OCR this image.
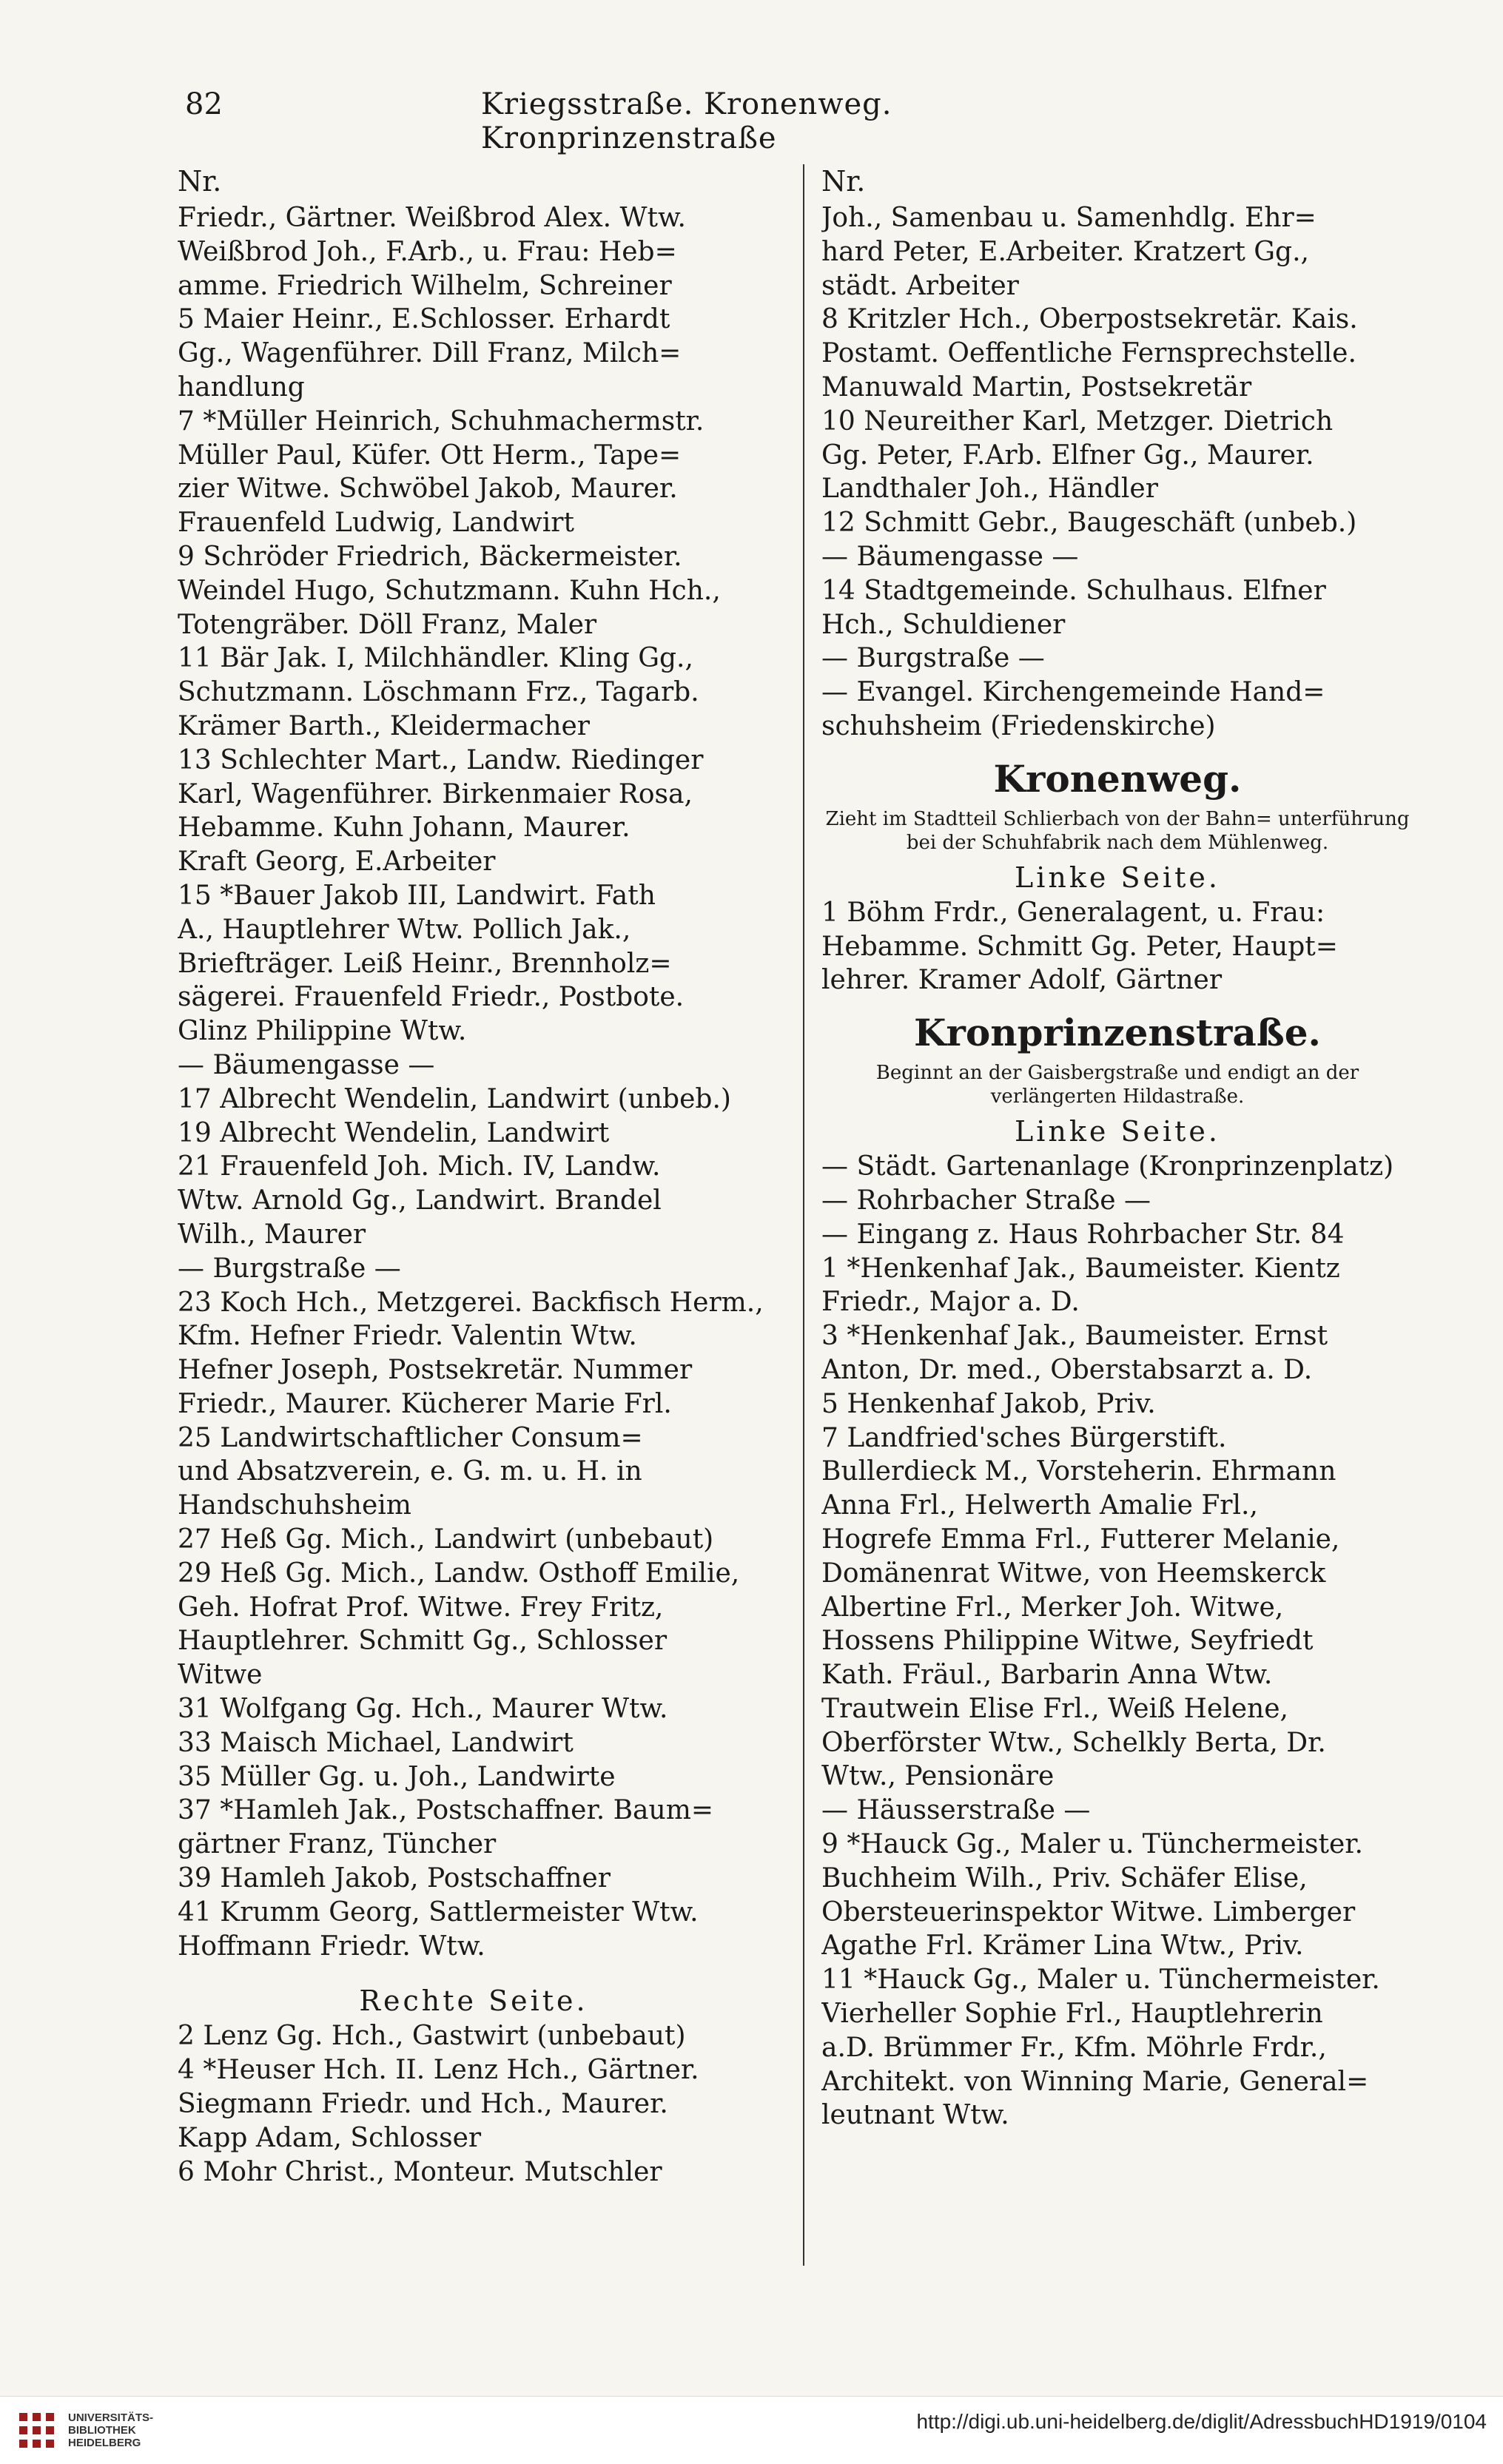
82	Kriegsstraße. Kronenweg. Kronprinzenstraße
Nr.
Friedr., Gärtner. Weißbrod Alex. Wtw.
Weißbrod Joh., F.Arb., u. Frau: Heb=
amme. Friedrich Wilhelm, Schreiner
5 Maier Heinr., E.Schlosser. Erhardt
Gg., Wagenführer. Dill Franz, Milch=
handlung
7 *Müller Heinrich, Schuhmachermstr.
Müller Paul, Küfer. Ott Herm., Tape=
zier Witwe. Schwöbel Jakob, Maurer.
Frauenfeld Ludwig, Landwirt
9 Schröder Friedrich, Bäckermeister.
Weindel Hugo, Schutzmann. Kuhn Hch.,
Totengräber. Döll Franz, Maler
11 Bär Jak. I, Milchhändler. Kling Gg.,
Schutzmann. Löschmann Frz., Tagarb.
Krämer Barth., Kleidermacher
13 Schlechter Mart., Landw. Riedinger
Karl, Wagenführer. Birkenmaier Rosa,
Hebamme. Kuhn Johann, Maurer.
Kraft Georg, E.Arbeiter
15 *Bauer Jakob III, Landwirt. Fath
A., Hauptlehrer Wtw. Pollich Jak.,
Briefträger. Leiß Heinr., Brennholz=
sägerei. Frauenfeld Friedr., Postbote.
Glinz Philippine Wtw.
— Bäumengasse —
17 Albrecht Wendelin, Landwirt (unbeb.)
19 Albrecht Wendelin, Landwirt
21 Frauenfeld Joh. Mich. IV, Landw.
Wtw. Arnold Gg., Landwirt. Brandel
Wilh., Maurer
— Burgstraße —
23 Koch Hch., Metzgerei. Backfisch Herm.,
Kfm. Hefner Friedr. Valentin Wtw.
Hefner Joseph, Postsekretär. Nummer
Friedr., Maurer. Kücherer Marie Frl.
25 Landwirtschaftlicher Consum=
und Absatzverein, e. G. m. u. H. in
Handschuhsheim
27 Heß Gg. Mich., Landwirt (unbebaut)
29 Heß Gg. Mich., Landw. Osthoff Emilie,
Geh. Hofrat Prof. Witwe. Frey Fritz,
Hauptlehrer. Schmitt Gg., Schlosser
Witwe
31 Wolfgang Gg. Hch., Maurer Wtw.
33 Maisch Michael, Landwirt
35 Müller Gg. u. Joh., Landwirte
37 *Hamleh Jak., Postschaffner. Baum=
gärtner Franz, Tüncher
39 Hamleh Jakob, Postschaffner
41 Krumm Georg, Sattlermeister Wtw.
Hoffmann Friedr. Wtw.
Rechte Seite.
2 Lenz Gg. Hch., Gastwirt (unbebaut)
4 *Heuser Hch. II. Lenz Hch., Gärtner.
Siegmann Friedr. und Hch., Maurer.
Kapp Adam, Schlosser
6 Mohr Christ., Monteur. Mutschler
Nr.
Joh., Samenbau u. Samenhdlg. Ehr=
hard Peter, E.Arbeiter. Kratzert Gg.,
städt. Arbeiter
8 Kritzler Hch., Oberpostsekretär. Kais.
Postamt. Oeffentliche Fernsprechstelle.
Manuwald Martin, Postsekretär
10 Neureither Karl, Metzger. Dietrich
Gg. Peter, F.Arb. Elfner Gg., Maurer.
Landthaler Joh., Händler
12 Schmitt Gebr., Baugeschäft (unbeb.)
— Bäumengasse —
14 Stadtgemeinde. Schulhaus. Elfner
Hch., Schuldiener
— Burgstraße —
— Evangel. Kirchengemeinde Hand=
schuhsheim (Friedenskirche)
Kronenweg.
Zieht im Stadtteil Schlierbach von der Bahn= unterführung bei der Schuhfabrik nach dem Mühlenweg.
Linke Seite.
1 Böhm Frdr., Generalagent, u. Frau:
Hebamme. Schmitt Gg. Peter, Haupt=
lehrer. Kramer Adolf, Gärtner
Kronprinzenstraße.
Beginnt an der Gaisbergstraße und endigt an der verlängerten Hildastraße.
Linke Seite.
— Städt. Gartenanlage (Kronprinzenplatz)
— Rohrbacher Straße —
— Eingang z. Haus Rohrbacher Str. 84
1 *Henkenhaf Jak., Baumeister. Kientz
Friedr., Major a. D.
3 *Henkenhaf Jak., Baumeister. Ernst
Anton, Dr. med., Oberstabsarzt a. D.
5 Henkenhaf Jakob, Priv.
7 Landfried'sches Bürgerstift.
Bullerdieck M., Vorsteherin. Ehrmann
Anna Frl., Helwerth Amalie Frl.,
Hogrefe Emma Frl., Futterer Melanie,
Domänenrat Witwe, von Heemskerck
Albertine Frl., Merker Joh. Witwe,
Hossens Philippine Witwe, Seyfriedt
Kath. Fräul., Barbarin Anna Wtw.
Trautwein Elise Frl., Weiß Helene,
Oberförster Wtw., Schelkly Berta, Dr.
Wtw., Pensionäre
— Häusserstraße —
9 *Hauck Gg., Maler u. Tünchermeister.
Buchheim Wilh., Priv. Schäfer Elise,
Obersteuerinspektor Witwe. Limberger
Agathe Frl. Krämer Lina Wtw., Priv.
11 *Hauck Gg., Maler u. Tünchermeister.
Vierheller Sophie Frl., Hauptlehrerin
a.D. Brümmer Fr., Kfm. Möhrle Frdr.,
Architekt. von Winning Marie, General=
leutnant Wtw.
UNIVERSITÄTS-
BIBLIOTHEK
HEIDELBERG
http://digi.ub.uni-heidelberg.de/diglit/AdressbuchHD1919/0104
